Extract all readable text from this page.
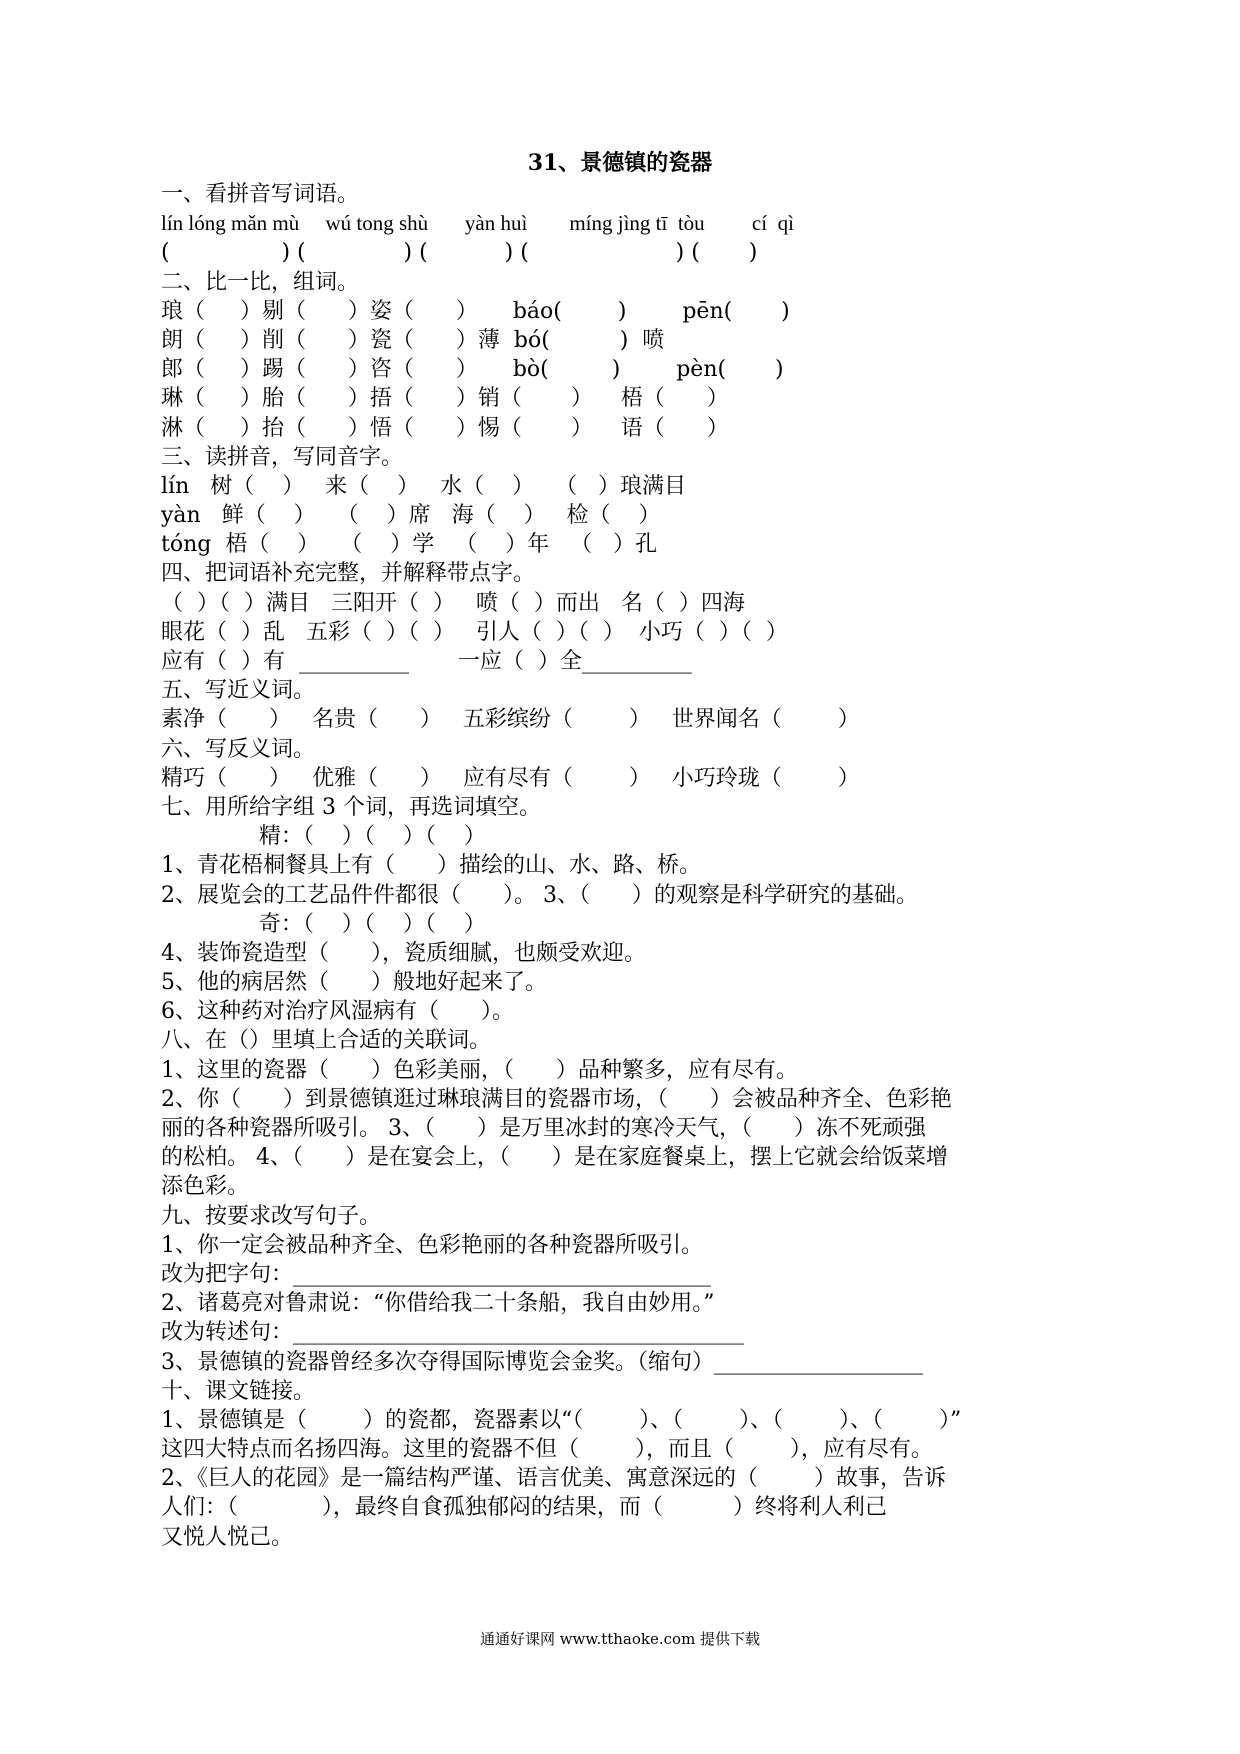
31、景德镇的瓷器
一、看拼音写词语。
lín lóng mǎn mù     wú tong shù       yàn huì        míng jìng tī  tòu         cí  qì
(                ) (              ) (           ) (                     ) (       )
二、比一比，组词。
琅（     ）剔（      ）姿（      ）     báo(        )        pēn(       )
朗（     ）削（      ）瓷（      ）薄  bó(          )  喷
郎（     ）踢（      ）咨（      ）     bò(         )        pèn(       )
琳（     ）胎（      ）捂（      ）销（       ）    梧（      ）
淋（     ）抬（      ）悟（      ）惕（       ）    语（      ）
三、读拼音，写同音字。
lín   树（    ）   来（    ）   水（    ）   （   ）琅满目
yàn   鲜（    ）   （    ）席   海（    ）   检（    ）
tóng  梧（    ）   （    ）学   （    ）年   （   ）孔
四、把词语补充完整，并解释带点字。
（  ）（  ）满目   三阳开（  ）   喷（  ）而出   名（  ）四海
眼花（  ）乱   五彩（  ）（  ）   引人（  ）（  ）  小巧（  ）（  ）
应有（  ）有  __________       一应（  ）全__________
五、写近义词。
素净（      ）   名贵（      ）   五彩缤纷（        ）   世界闻名（        ）
六、写反义词。
精巧（      ）   优雅（      ）   应有尽有（        ）   小巧玲珑（        ）
七、用所给字组 3 个词，再选词填空。
精：（    ）（    ）（    ）
1、青花梧桐餐具上有（      ）描绘的山、水、路、桥。
2、展览会的工艺品件件都很（      ）。 3、（      ）的观察是科学研究的基础。
奇：（    ）（    ）（    ）
4、装饰瓷造型（      ），瓷质细腻，也颇受欢迎。
5、他的病居然（      ）般地好起来了。
6、这种药对治疗风湿病有（      ）。
八、在（）里填上合适的关联词。
1、这里的瓷器（      ）色彩美丽，（      ）品种繁多，应有尽有。
2、你（      ）到景德镇逛过琳琅满目的瓷器市场，（      ）会被品种齐全、色彩艳
丽的各种瓷器所吸引。 3、（      ）是万里冰封的寒冷天气，（      ）冻不死顽强
的松柏。 4、（      ）是在宴会上，（      ）是在家庭餐桌上，摆上它就会给饭菜增
添色彩。
九、按要求改写句子。
1、你一定会被品种齐全、色彩艳丽的各种瓷器所吸引。
改为把字句：______________________________________
2、诸葛亮对鲁肃说：“你借给我二十条船，我自由妙用。”
改为转述句：_________________________________________
3、景德镇的瓷器曾经多次夺得国际博览会金奖。（缩句）___________________
十、课文链接。
1、景德镇是（        ）的瓷都，瓷器素以“（        ）、（        ）、（        ）、（        ）”
这四大特点而名扬四海。这里的瓷器不但（        ），而且（        ），应有尽有。
2、《巨人的花园》是一篇结构严谨、语言优美、寓意深远的（        ）故事，告诉
人们：（            ），最终自食孤独郁闷的结果，而（          ）终将利人利己
又悦人悦己。
通通好课网 www.tthaoke.com 提供下载
